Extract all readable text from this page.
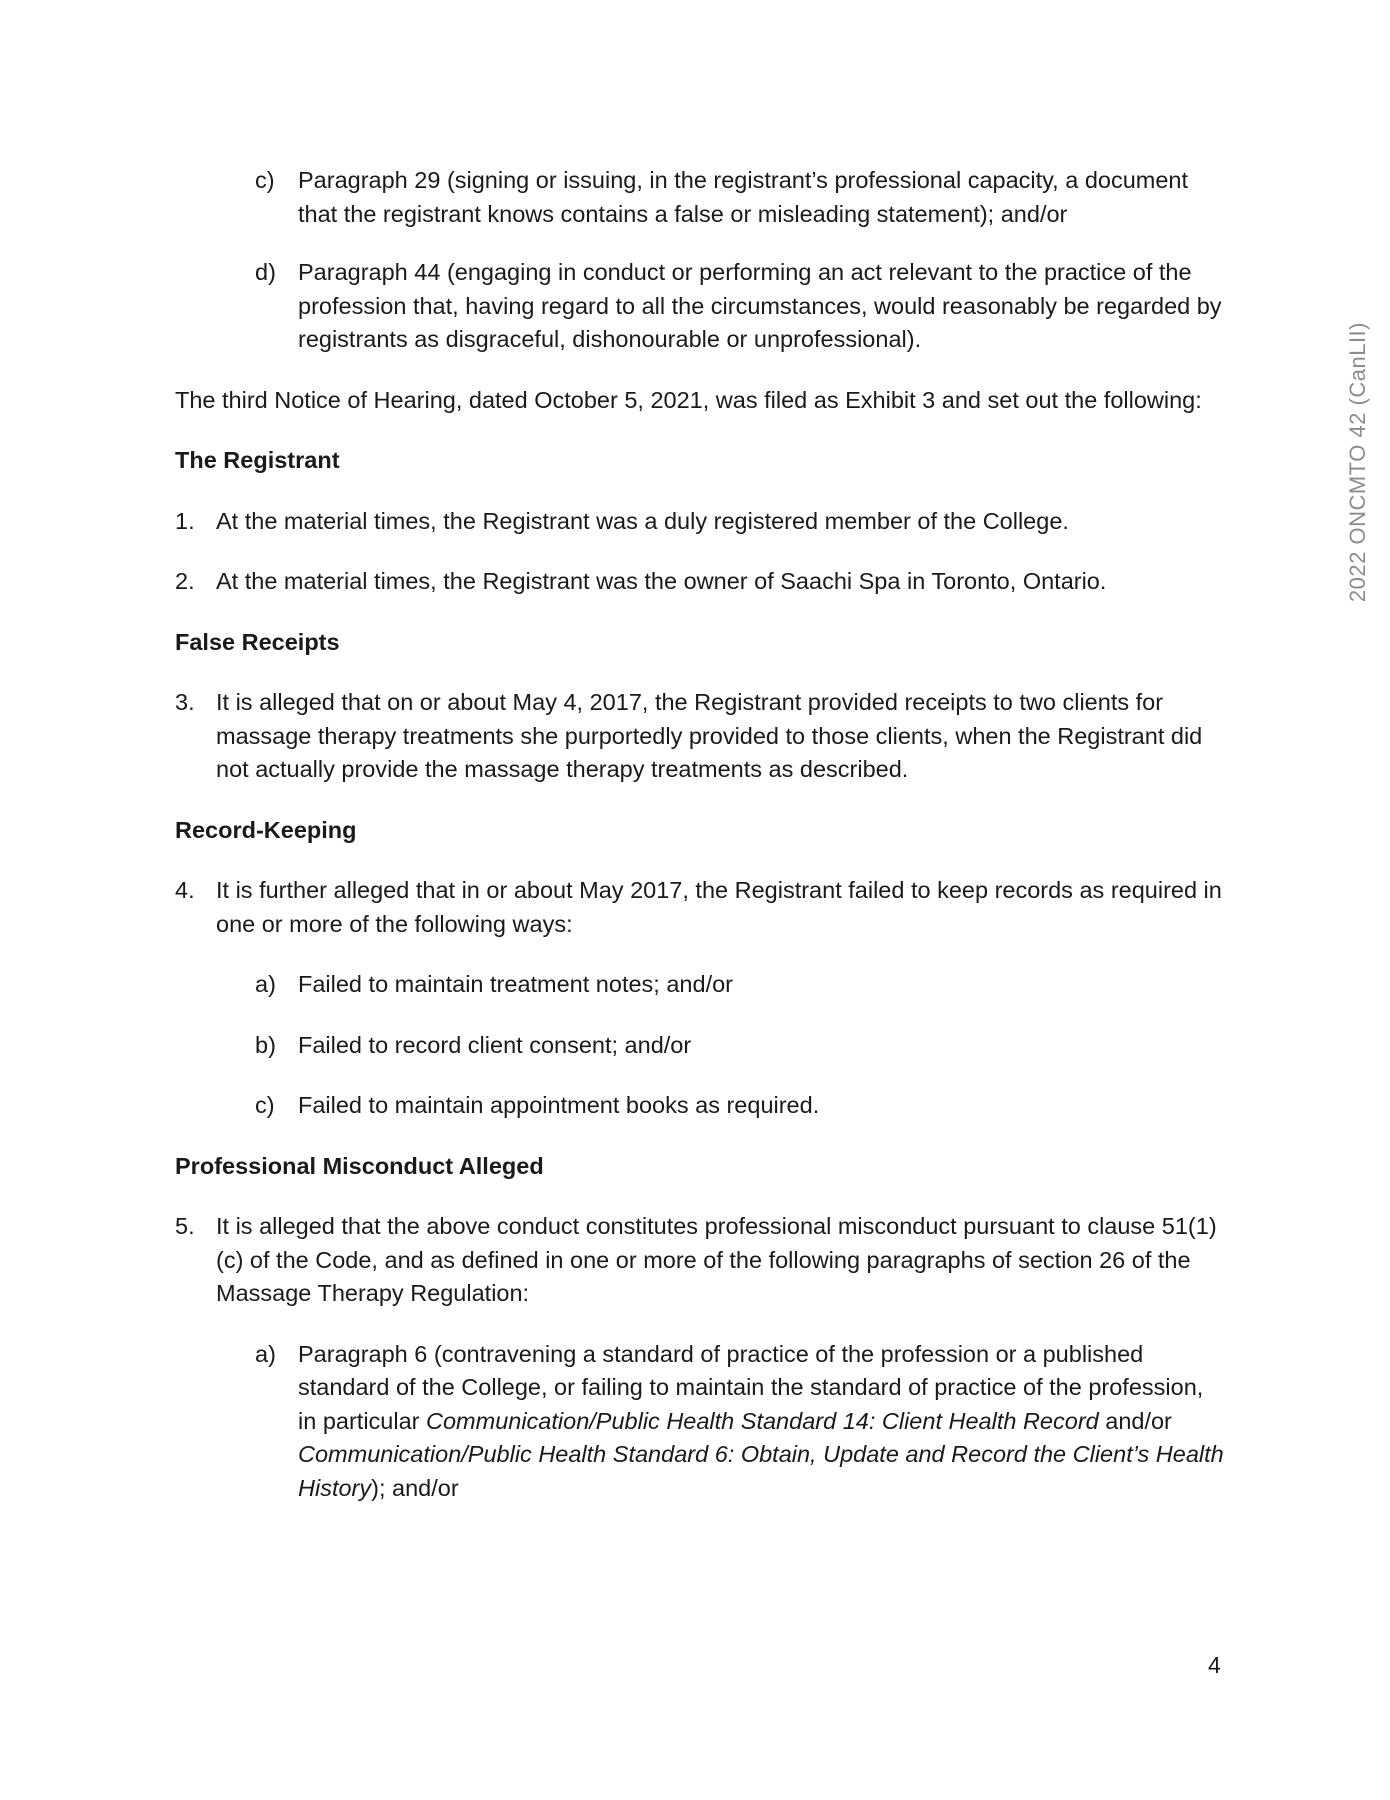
c) Paragraph 29 (signing or issuing, in the registrant’s professional capacity, a document that the registrant knows contains a false or misleading statement); and/or
d) Paragraph 44 (engaging in conduct or performing an act relevant to the practice of the profession that, having regard to all the circumstances, would reasonably be regarded by registrants as disgraceful, dishonourable or unprofessional).

The third Notice of Hearing, dated October 5, 2021, was filed as Exhibit 3 and set out the following:

The Registrant

1. At the material times, the Registrant was a duly registered member of the College.
2. At the material times, the Registrant was the owner of Saachi Spa in Toronto, Ontario.

False Receipts

3. It is alleged that on or about May 4, 2017, the Registrant provided receipts to two clients for massage therapy treatments she purportedly provided to those clients, when the Registrant did not actually provide the massage therapy treatments as described.

Record-Keeping

4. It is further alleged that in or about May 2017, the Registrant failed to keep records as required in one or more of the following ways:
a) Failed to maintain treatment notes; and/or
b) Failed to record client consent; and/or
c) Failed to maintain appointment books as required.

Professional Misconduct Alleged

5. It is alleged that the above conduct constitutes professional misconduct pursuant to clause 51(1)(c) of the Code, and as defined in one or more of the following paragraphs of section 26 of the Massage Therapy Regulation:
a) Paragraph 6 (contravening a standard of practice of the profession or a published standard of the College, or failing to maintain the standard of practice of the profession, in particular Communication/Public Health Standard 14: Client Health Record and/or Communication/Public Health Standard 6: Obtain, Update and Record the Client’s Health History); and/or
2022 ONCMTO 42 (CanLII)
4
